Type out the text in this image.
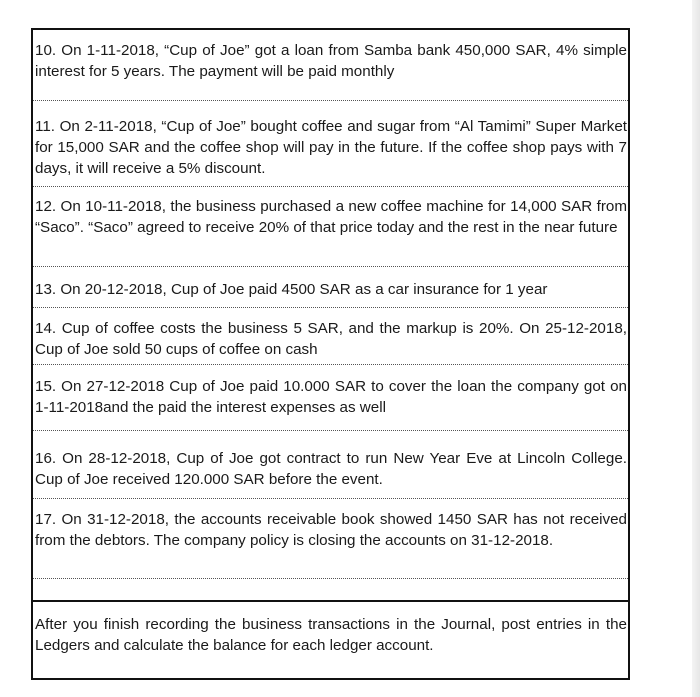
10. On 1-11-2018, “Cup of Joe” got a loan from Samba bank 450,000 SAR, 4% simple interest for 5 years. The payment will be paid monthly
11. On 2-11-2018, “Cup of Joe” bought coffee and sugar from “Al Tamimi” Super Market for 15,000 SAR and the coffee shop will pay in the future. If the coffee shop pays with 7 days, it will receive a 5% discount.
12. On 10-11-2018, the business purchased a new coffee machine for 14,000 SAR from “Saco”. “Saco” agreed to receive 20% of that price today and the rest in the near future
13. On 20-12-2018, Cup of Joe paid 4500 SAR as a car insurance for 1 year
14. Cup of coffee costs the business 5 SAR, and the markup is 20%. On 25-12-2018, Cup of Joe sold 50 cups of coffee on cash
15. On 27-12-2018 Cup of Joe paid 10.000 SAR to cover the loan the company got on 1-11-2018and the paid the interest expenses as well
16. On 28-12-2018, Cup of Joe got contract to run New Year Eve at Lincoln College. Cup of Joe received 120.000 SAR before the event.
17. On 31-12-2018, the accounts receivable book showed 1450 SAR has not received from the debtors. The company policy is closing the accounts on 31-12-2018.
After you finish recording the business transactions in the Journal, post entries in the Ledgers and calculate the balance for each ledger account.
